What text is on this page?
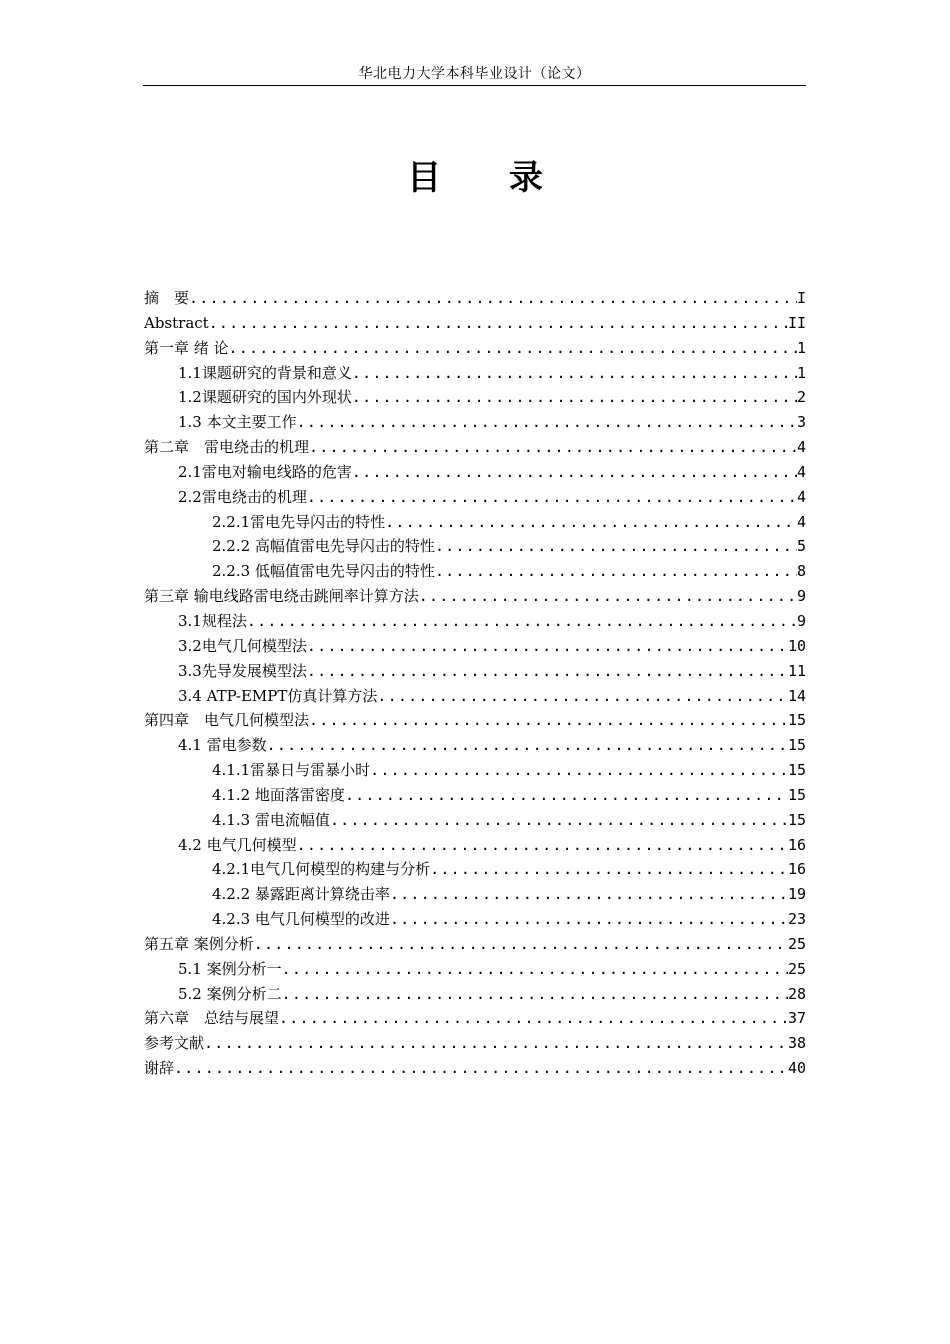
华北电力大学本科毕业设计（论文）
目 录
摘　要 .....	I
Abstract .....	II
第一章 绪 论 .....	1
1.1课题研究的背景和意义 .....	1
1.2课题研究的国内外现状 .....	2
1.3 本文主要工作 .....	3
第二章　雷电绕击的机理 .....	4
2.1雷电对输电线路的危害 .....	4
2.2雷电绕击的机理 .....	4
2.2.1雷电先导闪击的特性 .....	4
2.2.2 高幅值雷电先导闪击的特性 .....	5
2.2.3 低幅值雷电先导闪击的特性 .....	8
第三章 输电线路雷电绕击跳闸率计算方法 .....	9
3.1规程法 .....	9
3.2电气几何模型法 .....	10
3.3先导发展模型法 .....	11
3.4 ATP-EMPT仿真计算方法 .....	14
第四章　电气几何模型法 .....	15
4.1 雷电参数 .....	15
4.1.1雷暴日与雷暴小时 .....	15
4.1.2 地面落雷密度 .....	15
4.1.3 雷电流幅值 .....	15
4.2 电气几何模型 .....	16
4.2.1电气几何模型的构建与分析 .....	16
4.2.2 暴露距离计算绕击率 .....	19
4.2.3 电气几何模型的改进 .....	23
第五章 案例分析 .....	25
5.1 案例分析一 .....	25
5.2 案例分析二 .....	28
第六章　总结与展望 .....	37
参考文献 .....	38
谢辞 .....	40
